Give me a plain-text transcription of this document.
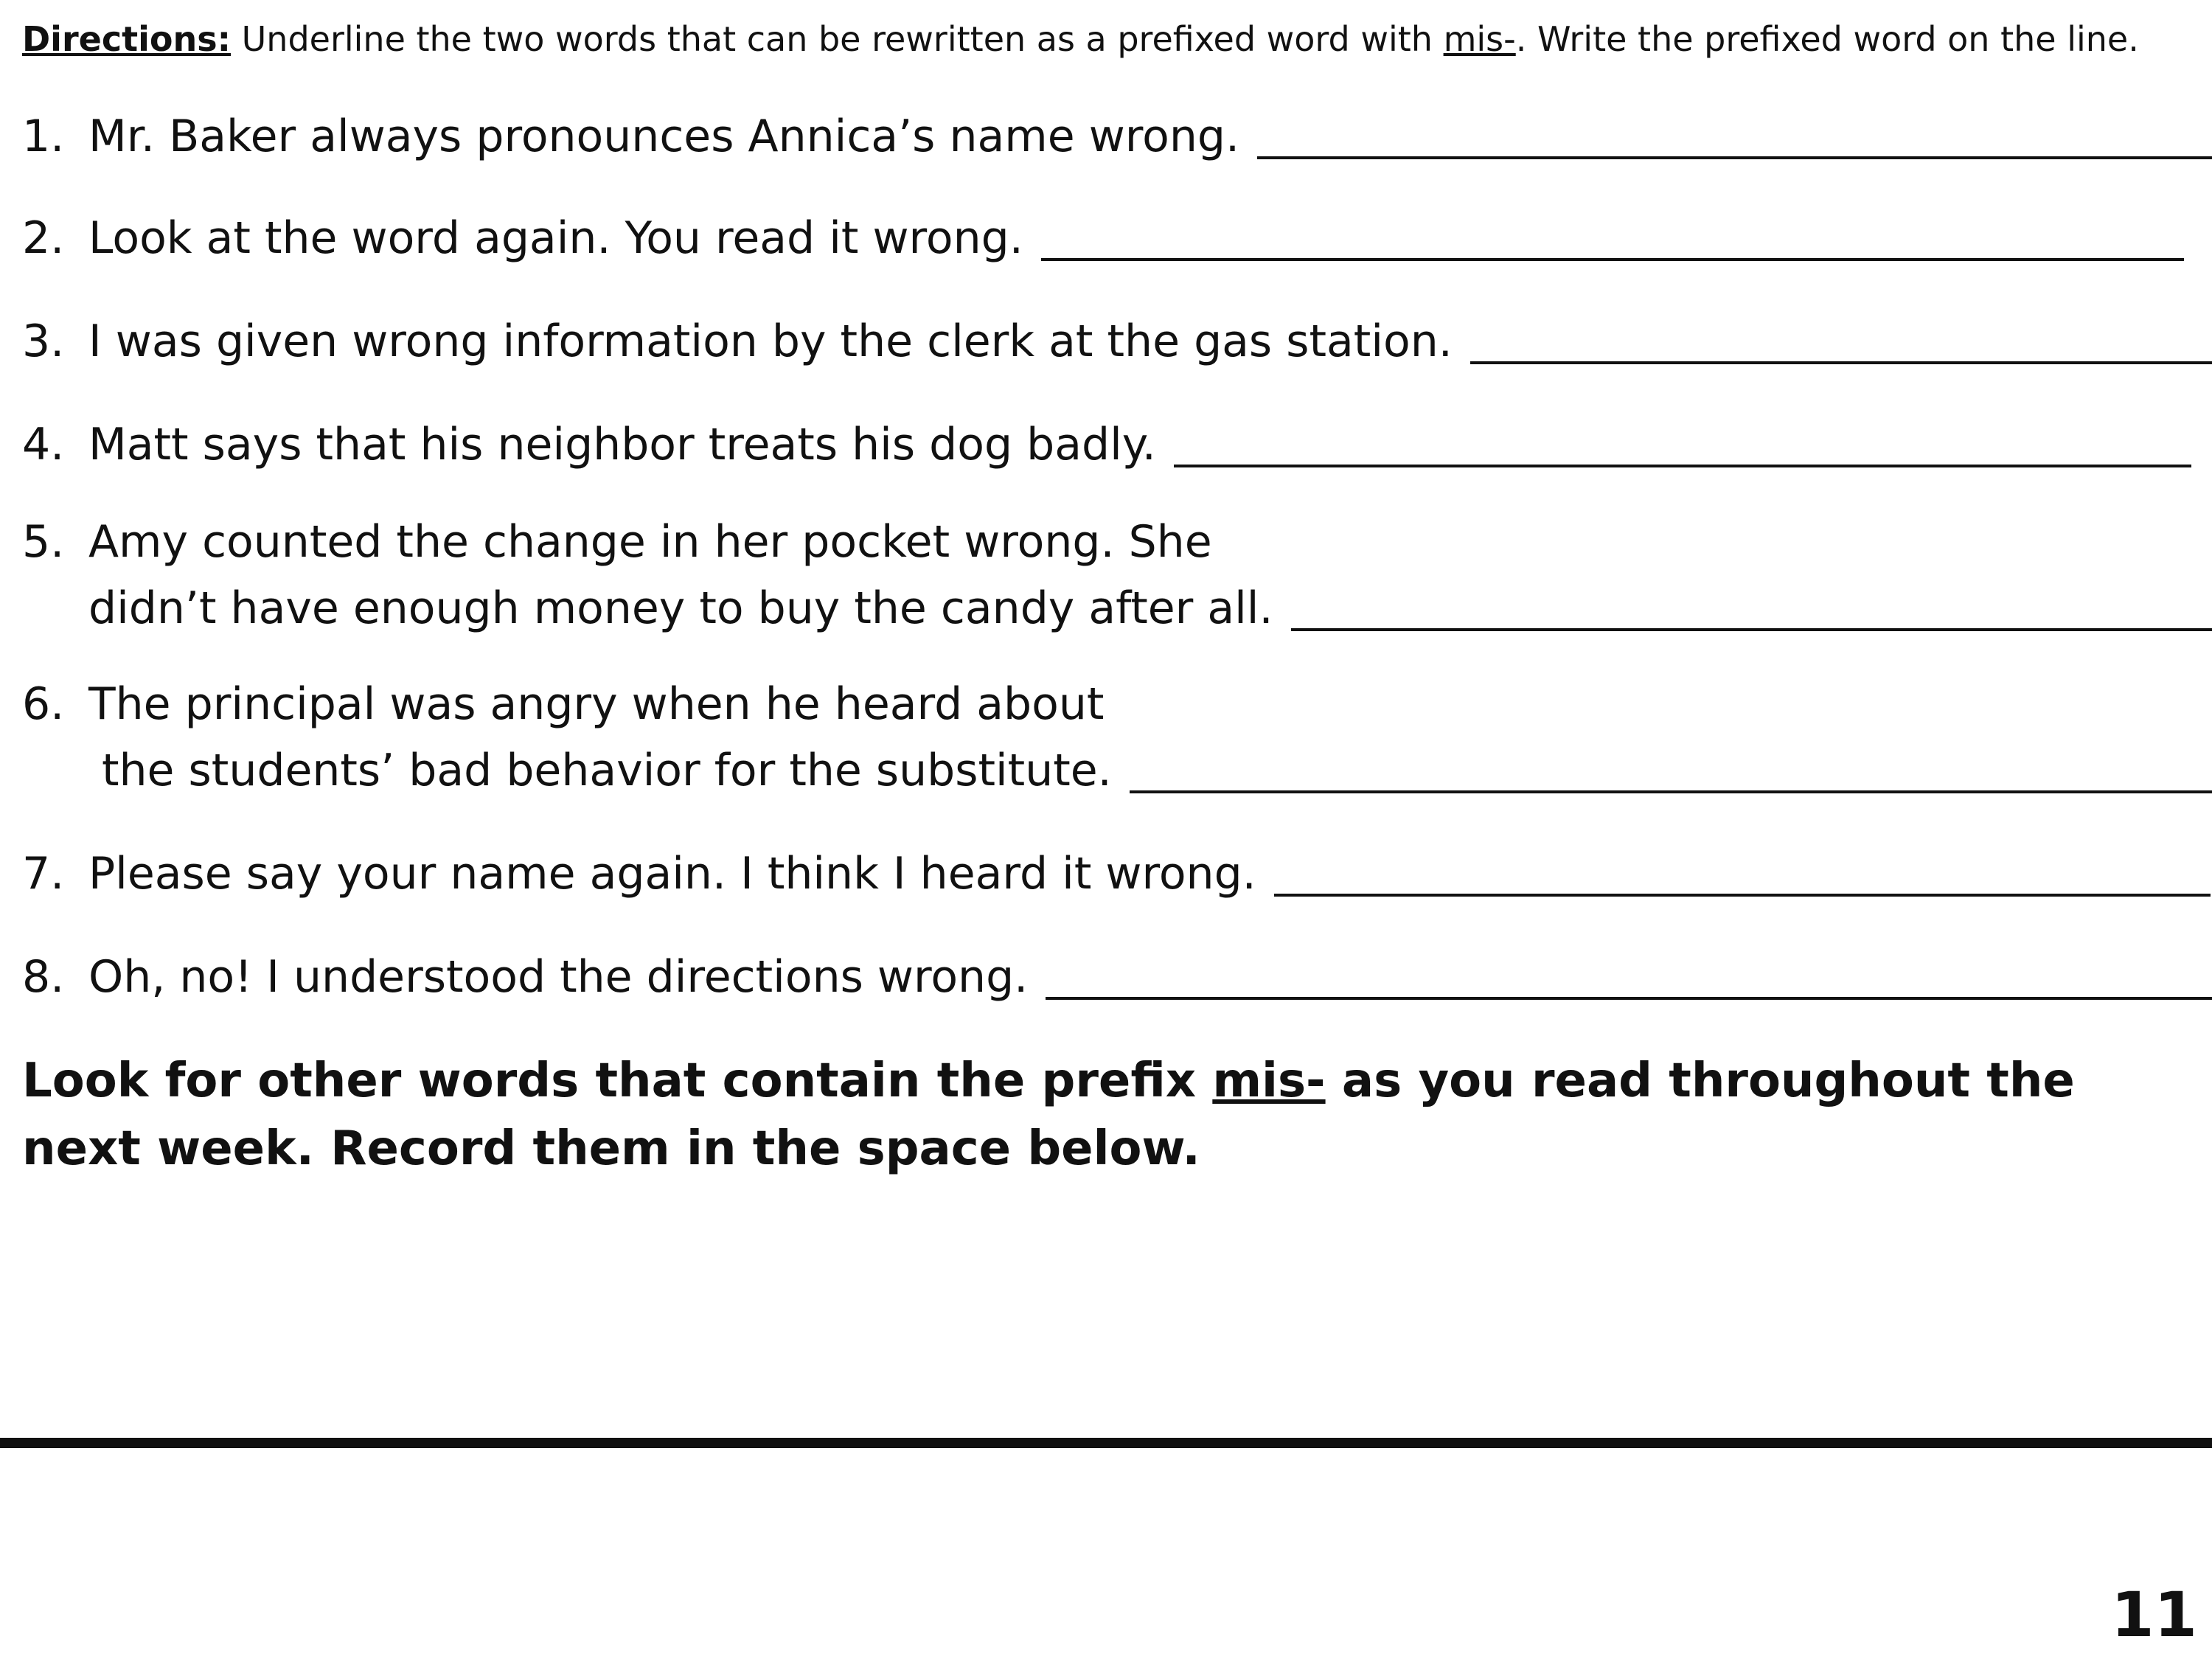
Directions: Underline the two words that can be rewritten as a prefixed word with mis-. Write the prefixed word on the line.
1. Mr. Baker always pronounces Annica’s name wrong.
2. Look at the word again. You read it wrong.
3. I was given wrong information by the clerk at the gas station.
4. Matt says that his neighbor treats his dog badly.
5. Amy counted the change in her pocket wrong. She
didn’t have enough money to buy the candy after all.
6. The principal was angry when he heard about
the students’ bad behavior for the substitute.
7. Please say your name again. I think I heard it wrong.
8. Oh, no! I understood the directions wrong.
Look for other words that contain the prefix mis- as you read throughout the next week. Record them in the space below.
11
